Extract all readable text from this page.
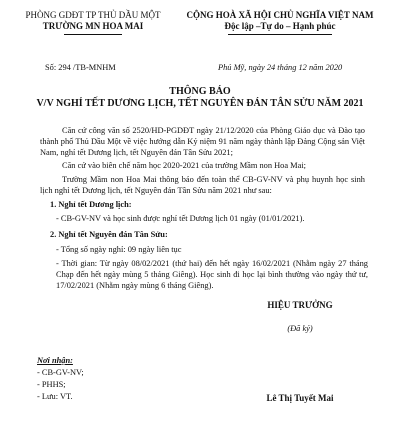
PHÒNG GDĐT TP THỦ DẦU MỘT
TRƯỜNG MN HOA MAI
CỘNG HOÀ XÃ HỘI CHỦ NGHĨA VIỆT NAM
Độc lập –Tự do – Hạnh phúc
Số: 294 /TB-MNHM	Phú Mỹ, ngày 24 tháng 12 năm 2020
THÔNG BÁO
V/V NGHỈ TẾT DƯƠNG LỊCH, TẾT NGUYÊN ĐÁN TÂN SỬU NĂM 2021
Căn cứ công văn số 2520/HD-PGDĐT ngày 21/12/2020 của Phòng Giáo dục và Đào tạo thành phố Thủ Dầu Một về việc hướng dẫn Kỷ niệm 91 năm ngày thành lập Đảng Cộng sản Việt Nam, nghỉ tết Dương lịch, tết Nguyên đán Tân Sửu 2021;
Căn cứ vào biên chế năm học 2020-2021 của trường Mầm non Hoa Mai;
Trường Mầm non Hoa Mai thông báo đến toàn thể CB-GV-NV và phụ huynh học sinh lịch nghỉ tết Dương lịch, tết Nguyên đán Tân Sửu năm 2021 như sau:
1. Nghỉ tết Dương lịch:
- CB-GV-NV và học sinh được nghỉ tết Dương lịch 01 ngày (01/01/2021).
2. Nghỉ tết Nguyên đán Tân Sửu:
- Tổng số ngày nghỉ: 09 ngày liên tục
- Thời gian: Từ ngày 08/02/2021 (thứ hai) đến hết ngày 16/02/2021 (Nhằm ngày 27 tháng Chạp đến hết ngày mùng 5 tháng Giêng). Học sinh đi học lại bình thường vào ngày thứ tư, 17/02/2021 (Nhằm ngày mùng 6 tháng Giêng).
HIỆU TRƯỞNG
(Đã ký)
Lê Thị Tuyết Mai
Nơi nhận:
- CB-GV-NV;
- PHHS;
- Lưu: VT.
